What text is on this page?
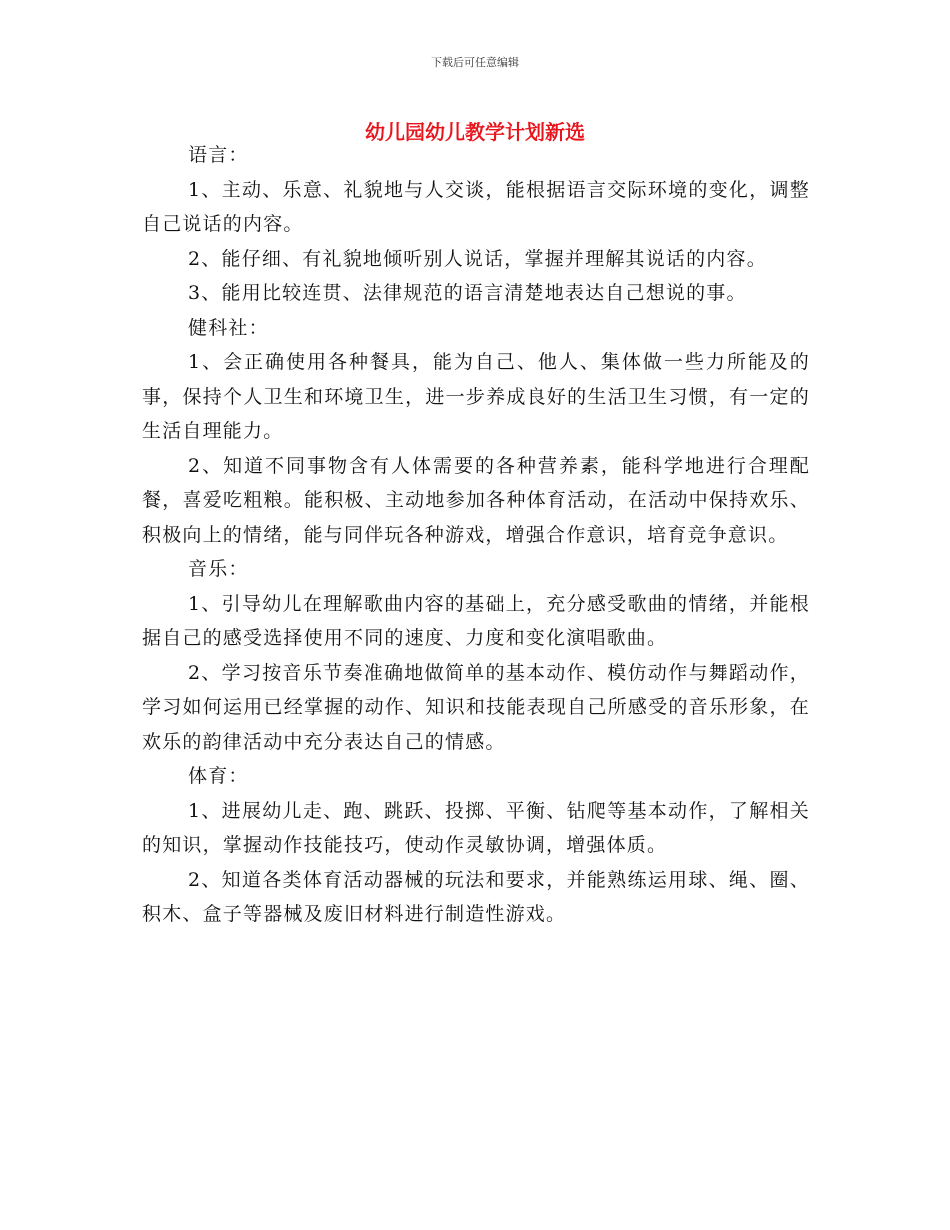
下载后可任意编辑
幼儿园幼儿教学计划新选

语言：

1、主动、乐意、礼貌地与人交谈，能根据语言交际环境的变化，调整自己说话的内容。

2、能仔细、有礼貌地倾听别人说话，掌握并理解其说话的内容。

3、能用比较连贯、法律规范的语言清楚地表达自己想说的事。

健科社：

1、会正确使用各种餐具，能为自己、他人、集体做一些力所能及的事，保持个人卫生和环境卫生，进一步养成良好的生活卫生习惯，有一定的生活自理能力。

2、知道不同事物含有人体需要的各种营养素，能科学地进行合理配餐，喜爱吃粗粮。能积极、主动地参加各种体育活动，在活动中保持欢乐、积极向上的情绪，能与同伴玩各种游戏，增强合作意识，培育竞争意识。

音乐：

1、引导幼儿在理解歌曲内容的基础上，充分感受歌曲的情绪，并能根据自己的感受选择使用不同的速度、力度和变化演唱歌曲。

2、学习按音乐节奏准确地做简单的基本动作、模仿动作与舞蹈动作，学习如何运用已经掌握的动作、知识和技能表现自己所感受的音乐形象，在欢乐的韵律活动中充分表达自己的情感。

体育：

1、进展幼儿走、跑、跳跃、投掷、平衡、钻爬等基本动作，了解相关的知识，掌握动作技能技巧，使动作灵敏协调，增强体质。

2、知道各类体育活动器械的玩法和要求，并能熟练运用球、绳、圈、积木、盒子等器械及废旧材料进行制造性游戏。
